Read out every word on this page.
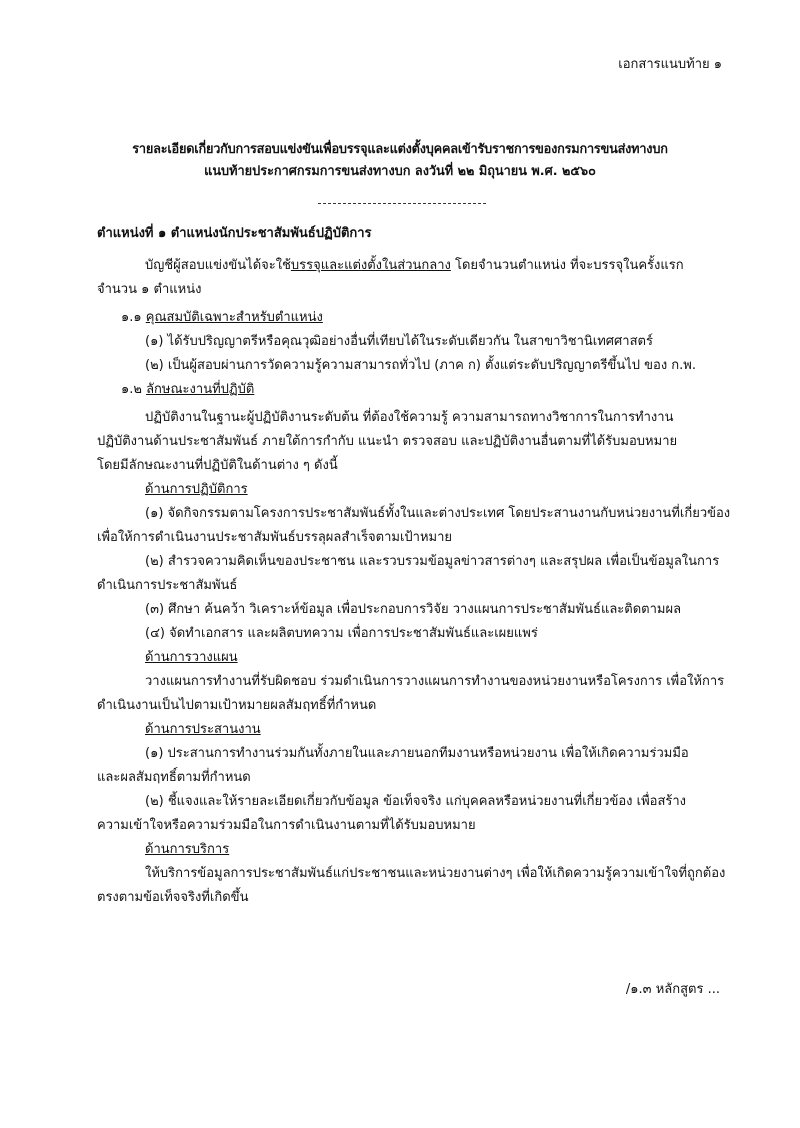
เอกสารแนบท้าย ๑
รายละเอียดเกี่ยวกับการสอบแข่งขันเพื่อบรรจุและแต่งตั้งบุคคลเข้ารับราชการของกรมการขนส่งทางบก
แนบท้ายประกาศกรมการขนส่งทางบก ลงวันที่ ๒๒ มิถุนายน พ.ศ. ๒๕๖๐
ตำแหน่งที่ ๑ ตำแหน่งนักประชาสัมพันธ์ปฏิบัติการ
บัญชีผู้สอบแข่งขันได้จะใช้บรรจุและแต่งตั้งในส่วนกลาง โดยจำนวนตำแหน่ง ที่จะบรรจุในครั้งแรก
จำนวน ๑ ตำแหน่ง
๑.๑ คุณสมบัติเฉพาะสำหรับตำแหน่ง
(๑) ได้รับปริญญาตรีหรือคุณวุฒิอย่างอื่นที่เทียบได้ในระดับเดียวกัน ในสาขาวิชานิเทศศาสตร์
(๒) เป็นผู้สอบผ่านการวัดความรู้ความสามารถทั่วไป (ภาค ก) ตั้งแต่ระดับปริญญาตรีขึ้นไป ของ ก.พ.
๑.๒ ลักษณะงานที่ปฏิบัติ
ปฏิบัติงานในฐานะผู้ปฏิบัติงานระดับต้น ที่ต้องใช้ความรู้ ความสามารถทางวิชาการในการทำงาน
ปฏิบัติงานด้านประชาสัมพันธ์ ภายใต้การกำกับ แนะนำ ตรวจสอบ และปฏิบัติงานอื่นตามที่ได้รับมอบหมาย
โดยมีลักษณะงานที่ปฏิบัติในด้านต่าง ๆ ดังนี้
ด้านการปฏิบัติการ
(๑) จัดกิจกรรมตามโครงการประชาสัมพันธ์ทั้งในและต่างประเทศ โดยประสานงานกับหน่วยงานที่เกี่ยวข้อง
เพื่อให้การดำเนินงานประชาสัมพันธ์บรรลุผลสำเร็จตามเป้าหมาย
(๒) สำรวจความคิดเห็นของประชาชน และรวบรวมข้อมูลข่าวสารต่างๆ และสรุปผล เพื่อเป็นข้อมูลในการ
ดำเนินการประชาสัมพันธ์
(๓) ศึกษา ค้นคว้า วิเคราะห์ข้อมูล เพื่อประกอบการวิจัย วางแผนการประชาสัมพันธ์และติดตามผล
(๔) จัดทำเอกสาร และผลิตบทความ เพื่อการประชาสัมพันธ์และเผยแพร่
ด้านการวางแผน
วางแผนการทำงานที่รับผิดชอบ ร่วมดำเนินการวางแผนการทำงานของหน่วยงานหรือโครงการ เพื่อให้การ
ดำเนินงานเป็นไปตามเป้าหมายผลสัมฤทธิ์ที่กำหนด
ด้านการประสานงาน
(๑) ประสานการทำงานร่วมกันทั้งภายในและภายนอกทีมงานหรือหน่วยงาน เพื่อให้เกิดความร่วมมือ
และผลสัมฤทธิ์ตามที่กำหนด
(๒) ชี้แจงและให้รายละเอียดเกี่ยวกับข้อมูล ข้อเท็จจริง แก่บุคคลหรือหน่วยงานที่เกี่ยวข้อง เพื่อสร้าง
ความเข้าใจหรือความร่วมมือในการดำเนินงานตามที่ได้รับมอบหมาย
ด้านการบริการ
ให้บริการข้อมูลการประชาสัมพันธ์แก่ประชาชนและหน่วยงานต่างๆ เพื่อให้เกิดความรู้ความเข้าใจที่ถูกต้อง
ตรงตามข้อเท็จจริงที่เกิดขึ้น
/๑.๓ หลักสูตร ...
